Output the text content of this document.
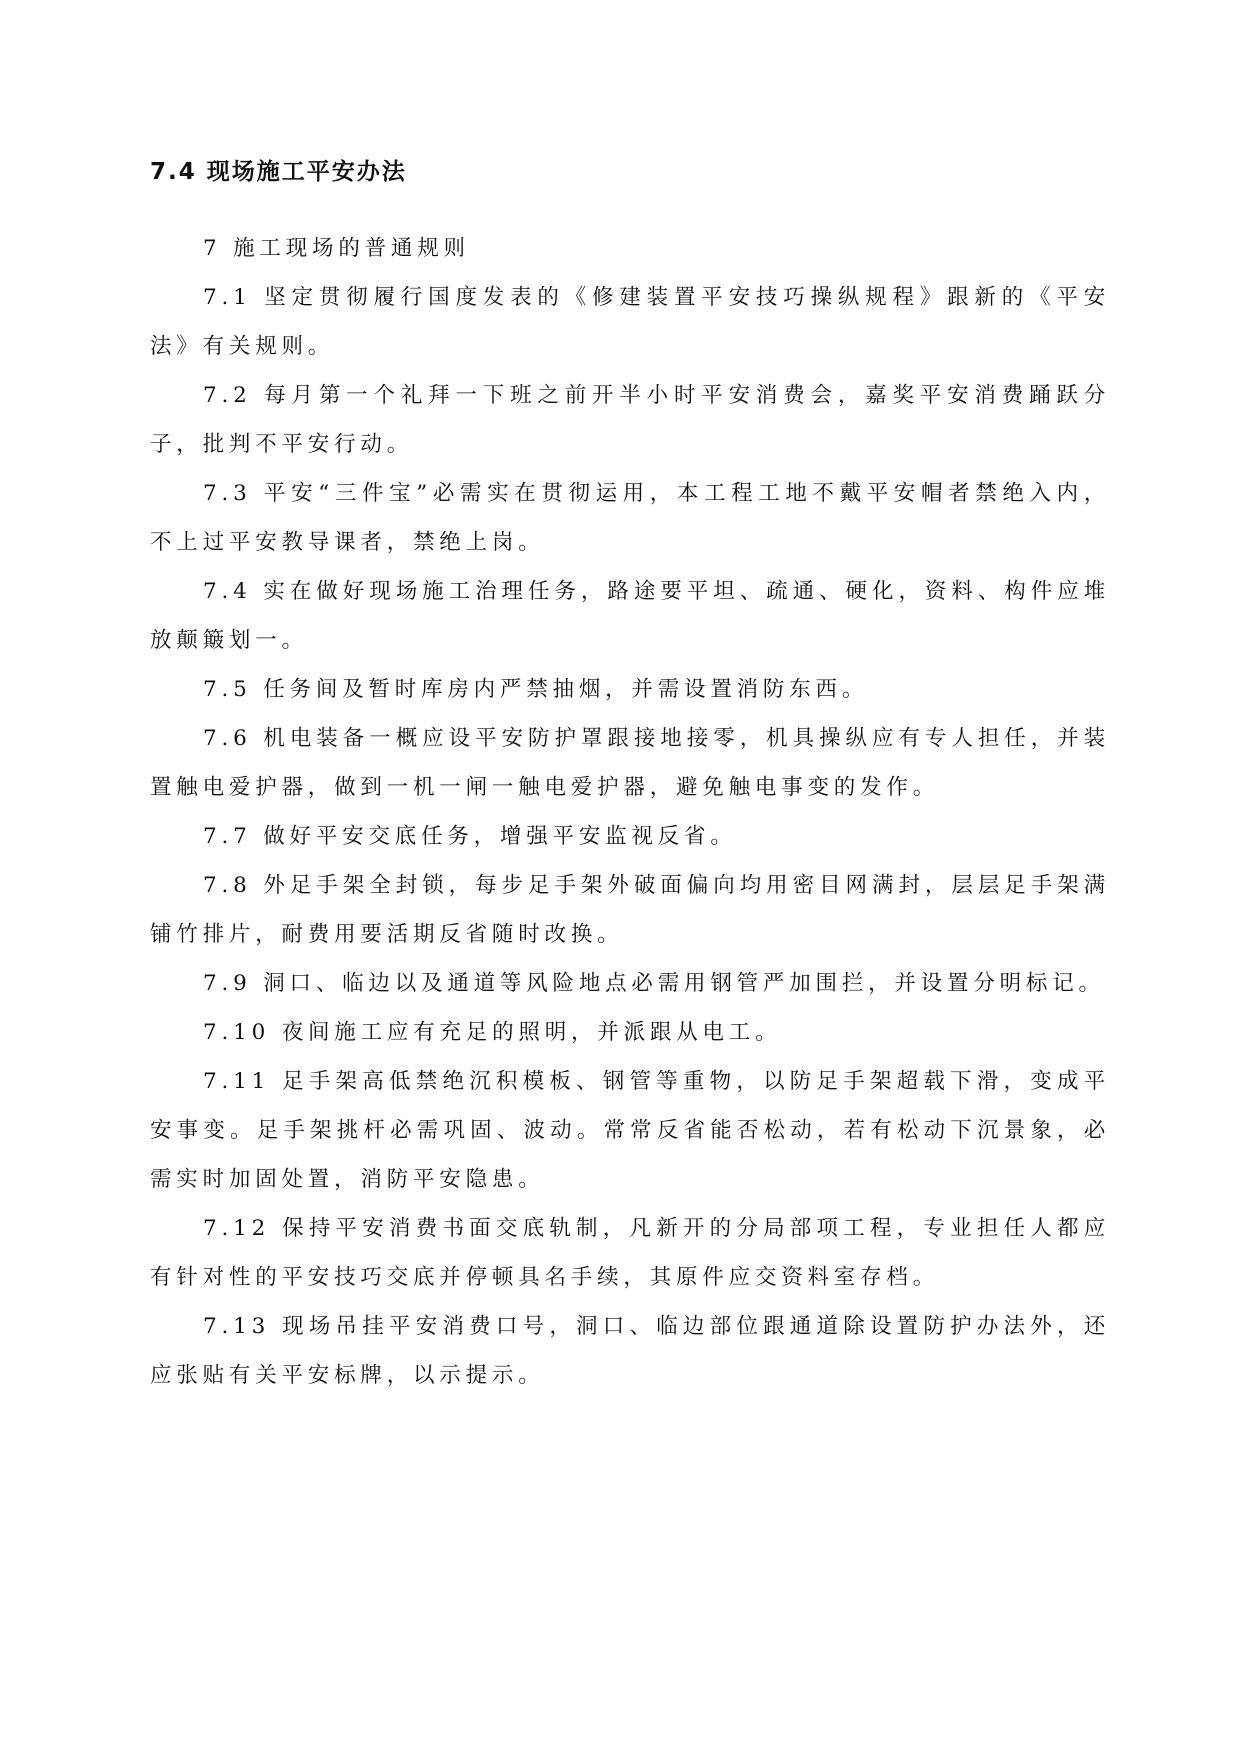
7.4 现场施工平安办法

7 施工现场的普通规则

7.1 坚定贯彻履行国度发表的《修建装置平安技巧操纵规程》跟新的《平安法》有关规则。

7.2 每月第一个礼拜一下班之前开半小时平安消费会，嘉奖平安消费踊跃分子，批判不平安行动。

7.3 平安“三件宝”必需实在贯彻运用，本工程工地不戴平安帽者禁绝入内，不上过平安教导课者，禁绝上岗。

7.4 实在做好现场施工治理任务，路途要平坦、疏通、硬化，资料、构件应堆放颠簸划一。

7.5 任务间及暂时库房内严禁抽烟，并需设置消防东西。

7.6 机电装备一概应设平安防护罩跟接地接零，机具操纵应有专人担任，并装置触电爱护器，做到一机一闸一触电爱护器，避免触电事变的发作。

7.7 做好平安交底任务，增强平安监视反省。

7.8 外足手架全封锁，每步足手架外破面偏向均用密目网满封，层层足手架满铺竹排片，耐费用要活期反省随时改换。

7.9 洞口、临边以及通道等风险地点必需用钢管严加围拦，并设置分明标记。

7.10 夜间施工应有充足的照明，并派跟从电工。

7.11 足手架高低禁绝沉积模板、钢管等重物，以防足手架超载下滑，变成平安事变。足手架挑杆必需巩固、波动。常常反省能否松动，若有松动下沉景象，必需实时加固处置，消防平安隐患。

7.12 保持平安消费书面交底轨制，凡新开的分局部项工程，专业担任人都应有针对性的平安技巧交底并停顿具名手续，其原件应交资料室存档。

7.13 现场吊挂平安消费口号，洞口、临边部位跟通道除设置防护办法外，还应张贴有关平安标牌，以示提示。
